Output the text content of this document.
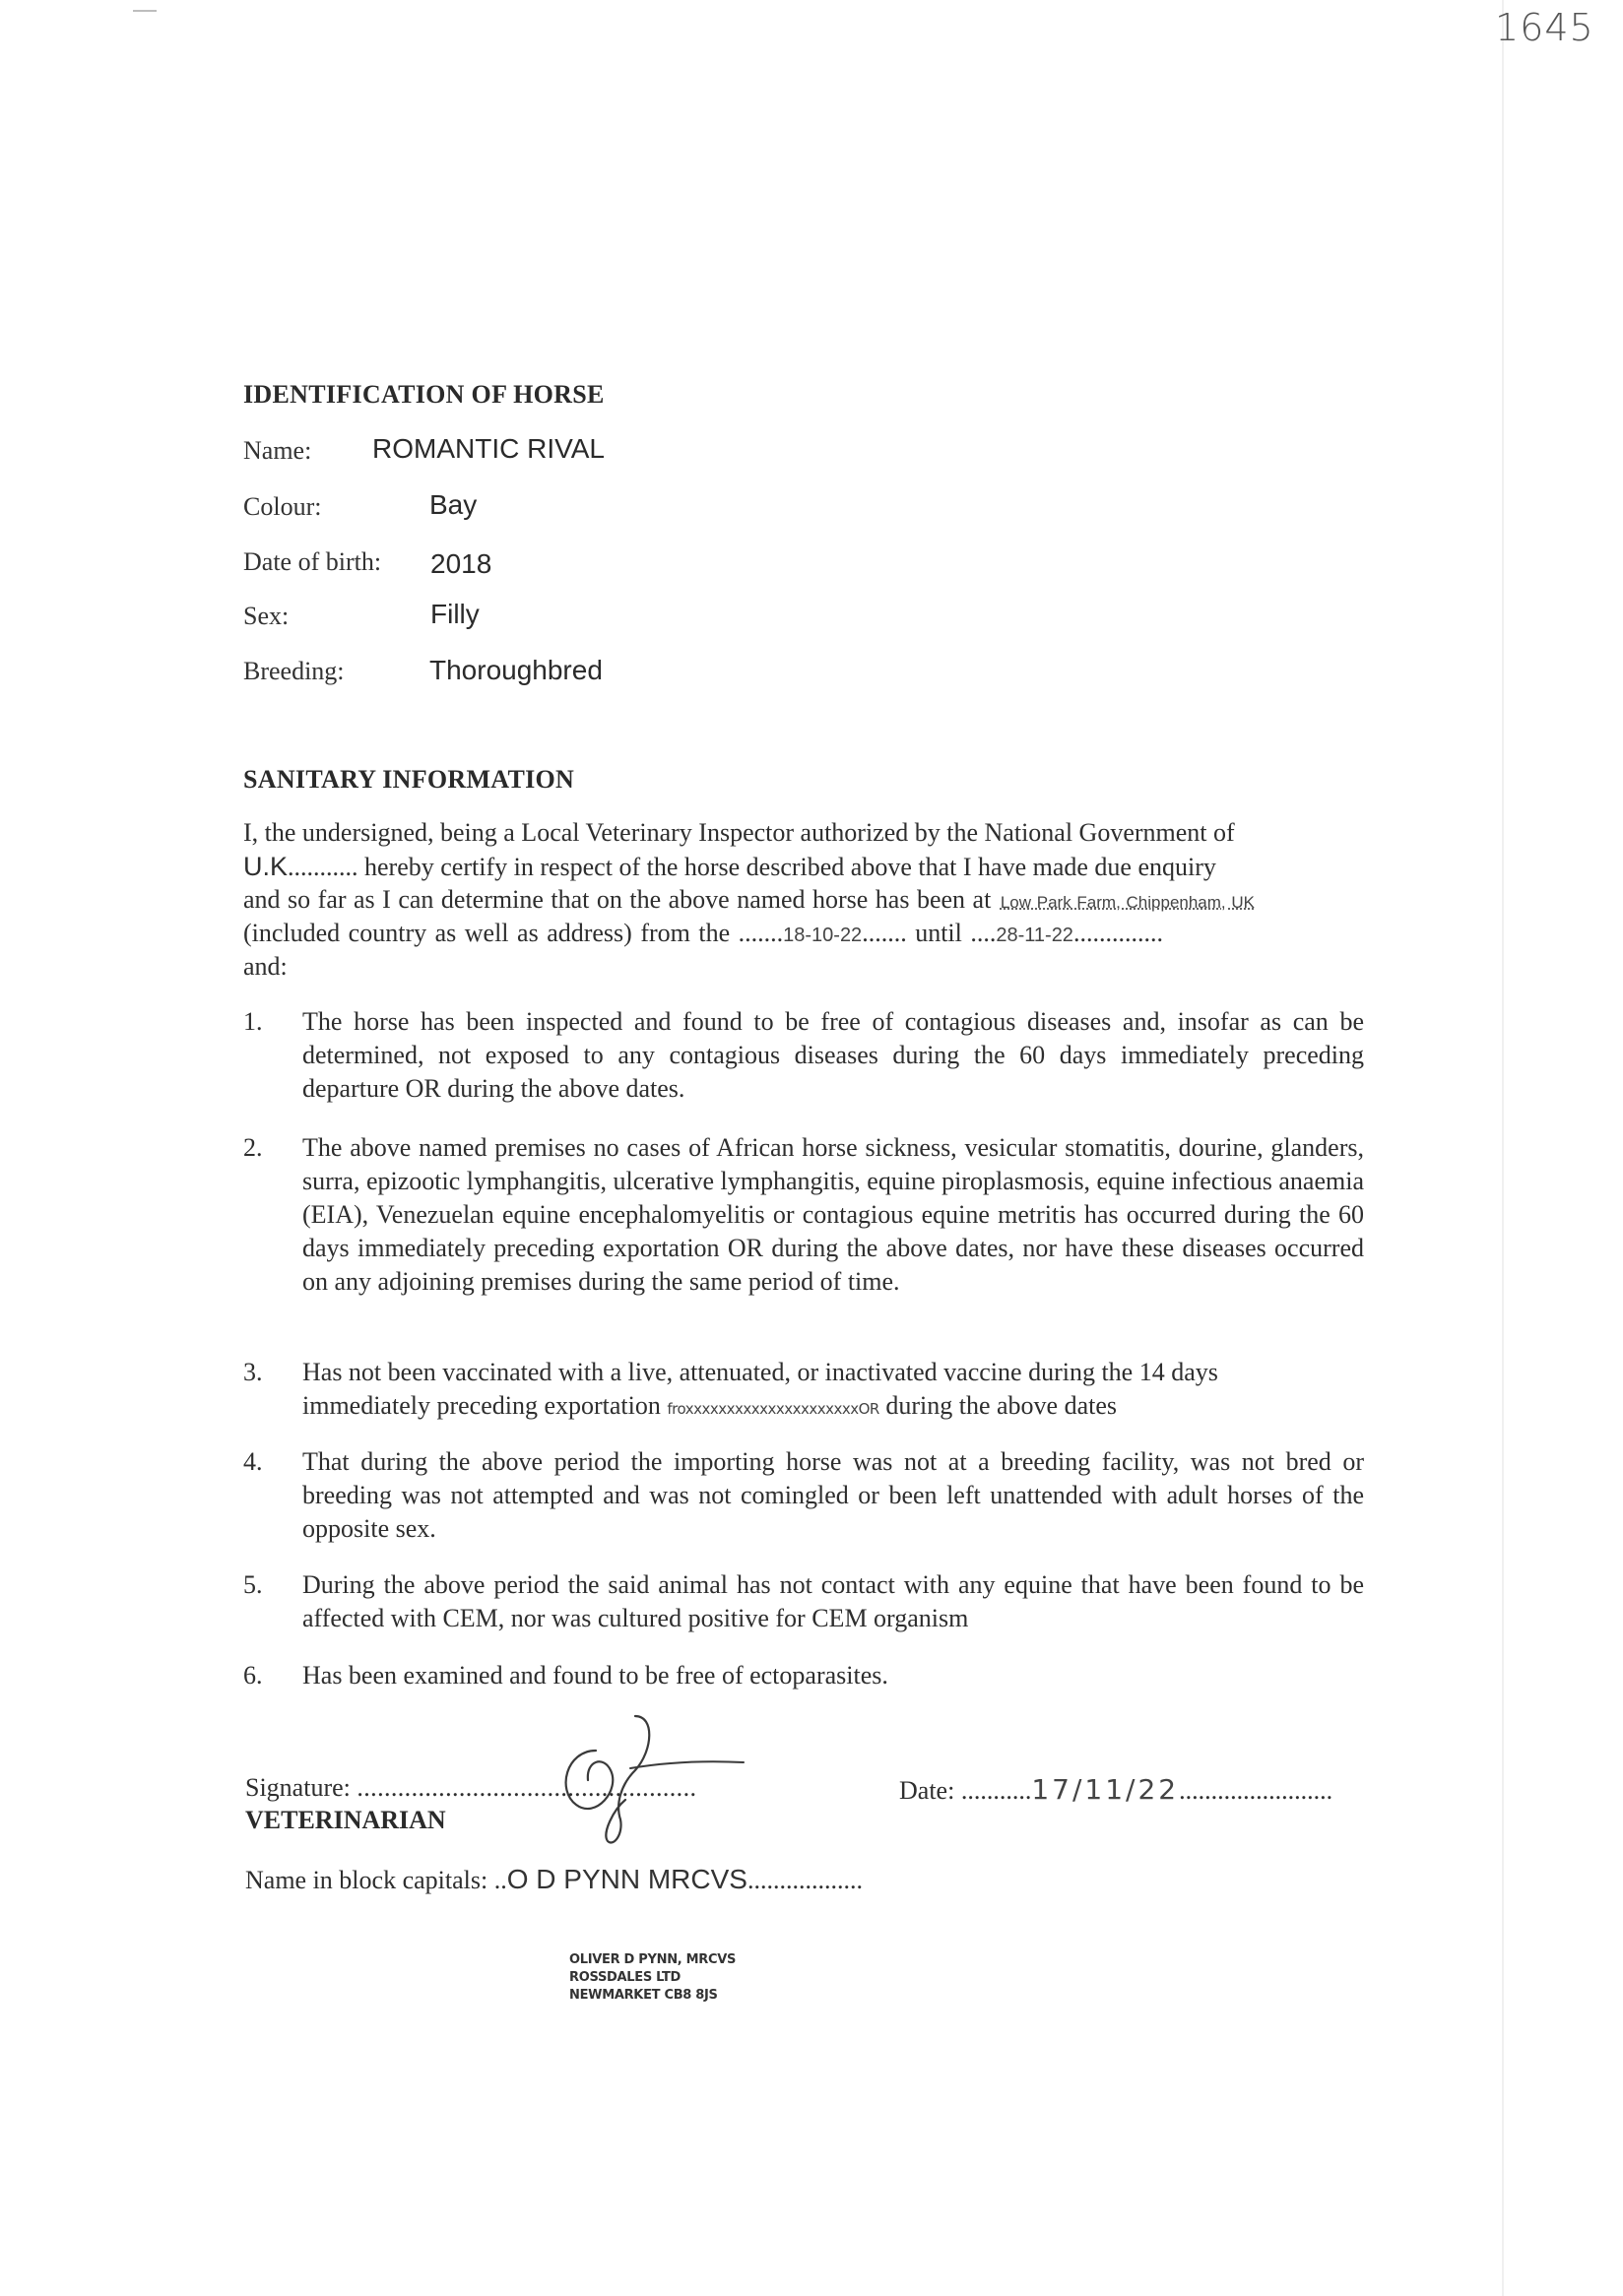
1645
IDENTIFICATION OF HORSE
Name: ROMANTIC RIVAL
Colour:	Bay
Date of birth: 2018
Sex:	Filly
Breeding:	Thoroughbred
SANITARY INFORMATION
I, the undersigned, being a Local Veterinary Inspector authorized by the National Government of
U.K........... hereby certify in respect of the horse described above that I have made due enquiry
and so far as I can determine that on the above named horse has been at Low Park Farm, Chippenham, UK
(included country as well as address) from the .......18-10-22....... until ....28-11-22..............
and:
1. The horse has been inspected and found to be free of contagious diseases and, insofar as can be determined, not exposed to any contagious diseases during the 60 days immediately preceding departure OR during the above dates.
2. The above named premises no cases of African horse sickness, vesicular stomatitis, dourine, glanders, surra, epizootic lymphangitis, ulcerative lymphangitis, equine piroplasmosis, equine infectious anaemia (EIA), Venezuelan equine encephalomyelitis or contagious equine metritis has occurred during the 60 days immediately preceding exportation OR during the above dates, nor have these diseases occurred on any adjoining premises during the same period of time.
3. Has not been vaccinated with a live, attenuated, or inactivated vaccine during the 14 days
immediately preceding exportation froxxxxxxxxxxxxxxxxxxxxxOR during the above dates
4. That during the above period the importing horse was not at a breeding facility, was not bred or breeding was not attempted and was not comingled or been left unattended with adult horses of the opposite sex.
5. During the above period the said animal has not contact with any equine that have been found to be affected with CEM, nor was cultured positive for CEM organism
6. Has been examined and found to be free of ectoparasites.
Signature: ..................................................	Date: ...........17/11/22........................
VETERINARIAN
Name in block capitals: ..O D PYNN MRCVS..................
OLIVER D PYNN, MRCVS
ROSSDALES LTD
NEWMARKET CB8 8JS
